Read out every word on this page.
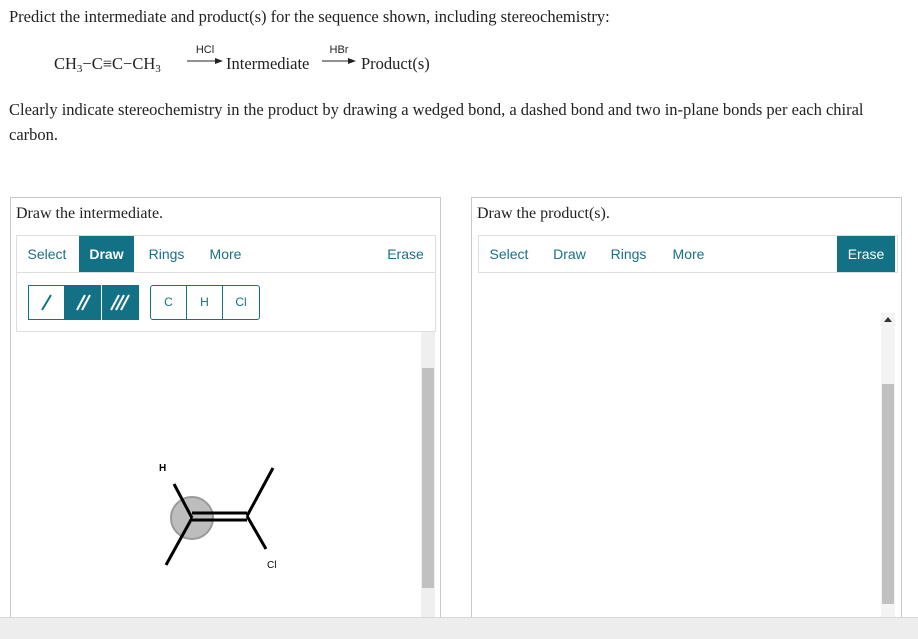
Predict the intermediate and product(s) for the sequence shown, including stereochemistry:
$CH_3-C\equiv C-CH_3$
HCl
Intermediate
HBr
Product(s)
Clearly indicate stereochemistry in the product by drawing a wedged bond, a dashed bond and two in-plane bonds per each chiral carbon.
Draw the intermediate.
Select	Draw	Rings	More	Erase
C	H	Cl
H
Cl
Draw the product(s).
Select	Draw	Rings	More	Erase
